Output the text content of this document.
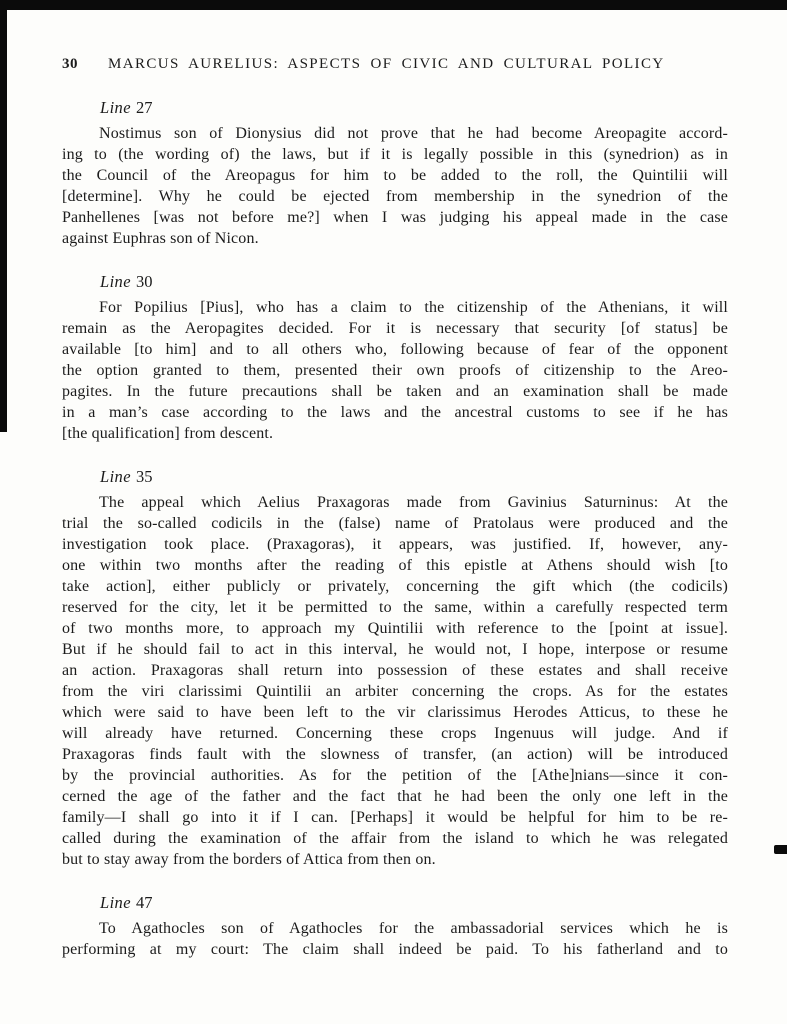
30 MARCUS AURELIUS: ASPECTS OF CIVIC AND CULTURAL POLICY
Line 27
Nostimus son of Dionysius did not prove that he had become Areopagite accord-
ing to (the wording of) the laws, but if it is legally possible in this (synedrion) as in
the Council of the Areopagus for him to be added to the roll, the Quintilii will
[determine]. Why he could be ejected from membership in the synedrion of the
Panhellenes [was not before me?] when I was judging his appeal made in the case
against Euphras son of Nicon.
Line 30
For Popilius [Pius], who has a claim to the citizenship of the Athenians, it will
remain as the Aeropagites decided. For it is necessary that security [of status] be
available [to him] and to all others who, following because of fear of the opponent
the option granted to them, presented their own proofs of citizenship to the Areo-
pagites. In the future precautions shall be taken and an examination shall be made
in a man’s case according to the laws and the ancestral customs to see if he has
[the qualification] from descent.
Line 35
The appeal which Aelius Praxagoras made from Gavinius Saturninus: At the
trial the so-called codicils in the (false) name of Pratolaus were produced and the
investigation took place. (Praxagoras), it appears, was justified. If, however, any-
one within two months after the reading of this epistle at Athens should wish [to
take action], either publicly or privately, concerning the gift which (the codicils)
reserved for the city, let it be permitted to the same, within a carefully respected term
of two months more, to approach my Quintilii with reference to the [point at issue].
But if he should fail to act in this interval, he would not, I hope, interpose or resume
an action. Praxagoras shall return into possession of these estates and shall receive
from the viri clarissimi Quintilii an arbiter concerning the crops. As for the estates
which were said to have been left to the vir clarissimus Herodes Atticus, to these he
will already have returned. Concerning these crops Ingenuus will judge. And if
Praxagoras finds fault with the slowness of transfer, (an action) will be introduced
by the provincial authorities. As for the petition of the [Athe]nians—since it con-
cerned the age of the father and the fact that he had been the only one left in the
family—I shall go into it if I can. [Perhaps] it would be helpful for him to be re-
called during the examination of the affair from the island to which he was relegated
but to stay away from the borders of Attica from then on.
Line 47
To Agathocles son of Agathocles for the ambassadorial services which he is
performing at my court: The claim shall indeed be paid. To his fatherland and to
